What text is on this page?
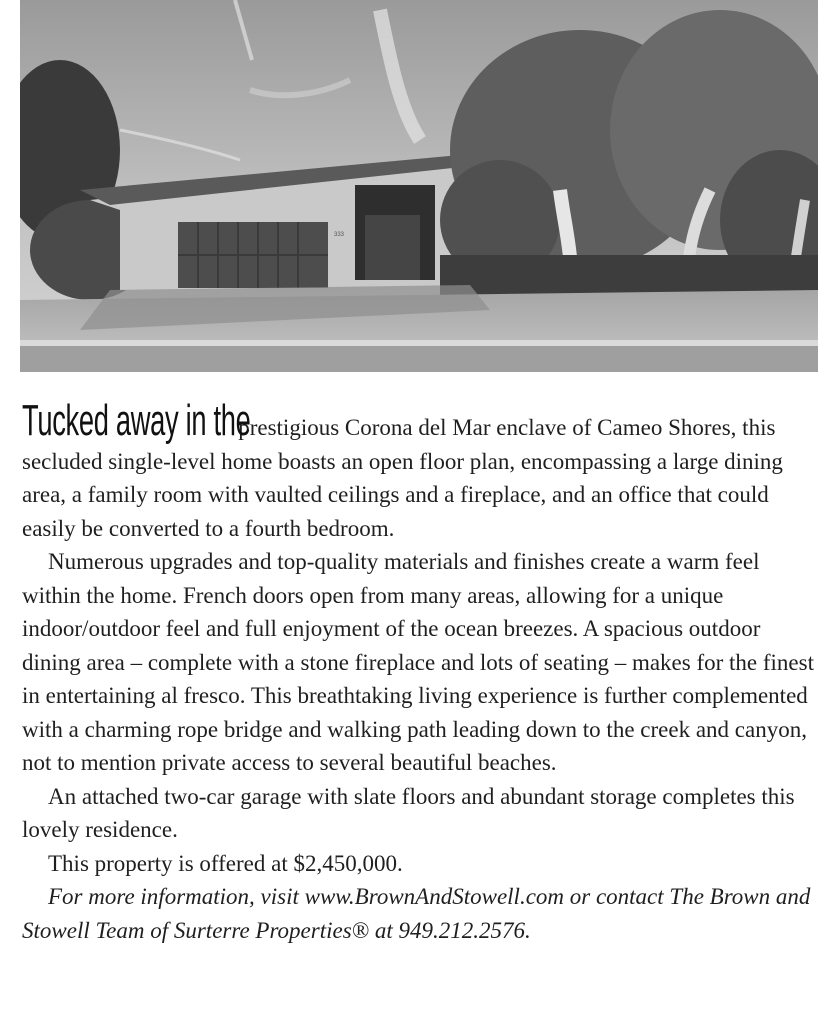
333

Tucked away in the prestigious Corona del Mar enclave of Cameo Shores, this secluded single-level home boasts an open floor plan, encompassing a large dining area, a family room with vaulted ceilings and a fireplace, and an office that could easily be converted to a fourth bedroom.

Numerous upgrades and top-quality materials and finishes create a warm feel within the home. French doors open from many areas, allowing for a unique indoor/outdoor feel and full enjoyment of the ocean breezes. A spacious outdoor dining area – complete with a stone fireplace and lots of seating – makes for the finest in entertaining al fresco. This breathtaking living experience is further complemented with a charming rope bridge and walking path leading down to the creek and canyon, not to mention private access to several beautiful beaches.

An attached two-car garage with slate floors and abundant storage completes this lovely residence.

This property is offered at $2,450,000.

For more information, visit www.BrownAndStowell.com or contact The Brown and Stowell Team of Surterre Properties® at 949.212.2576.
